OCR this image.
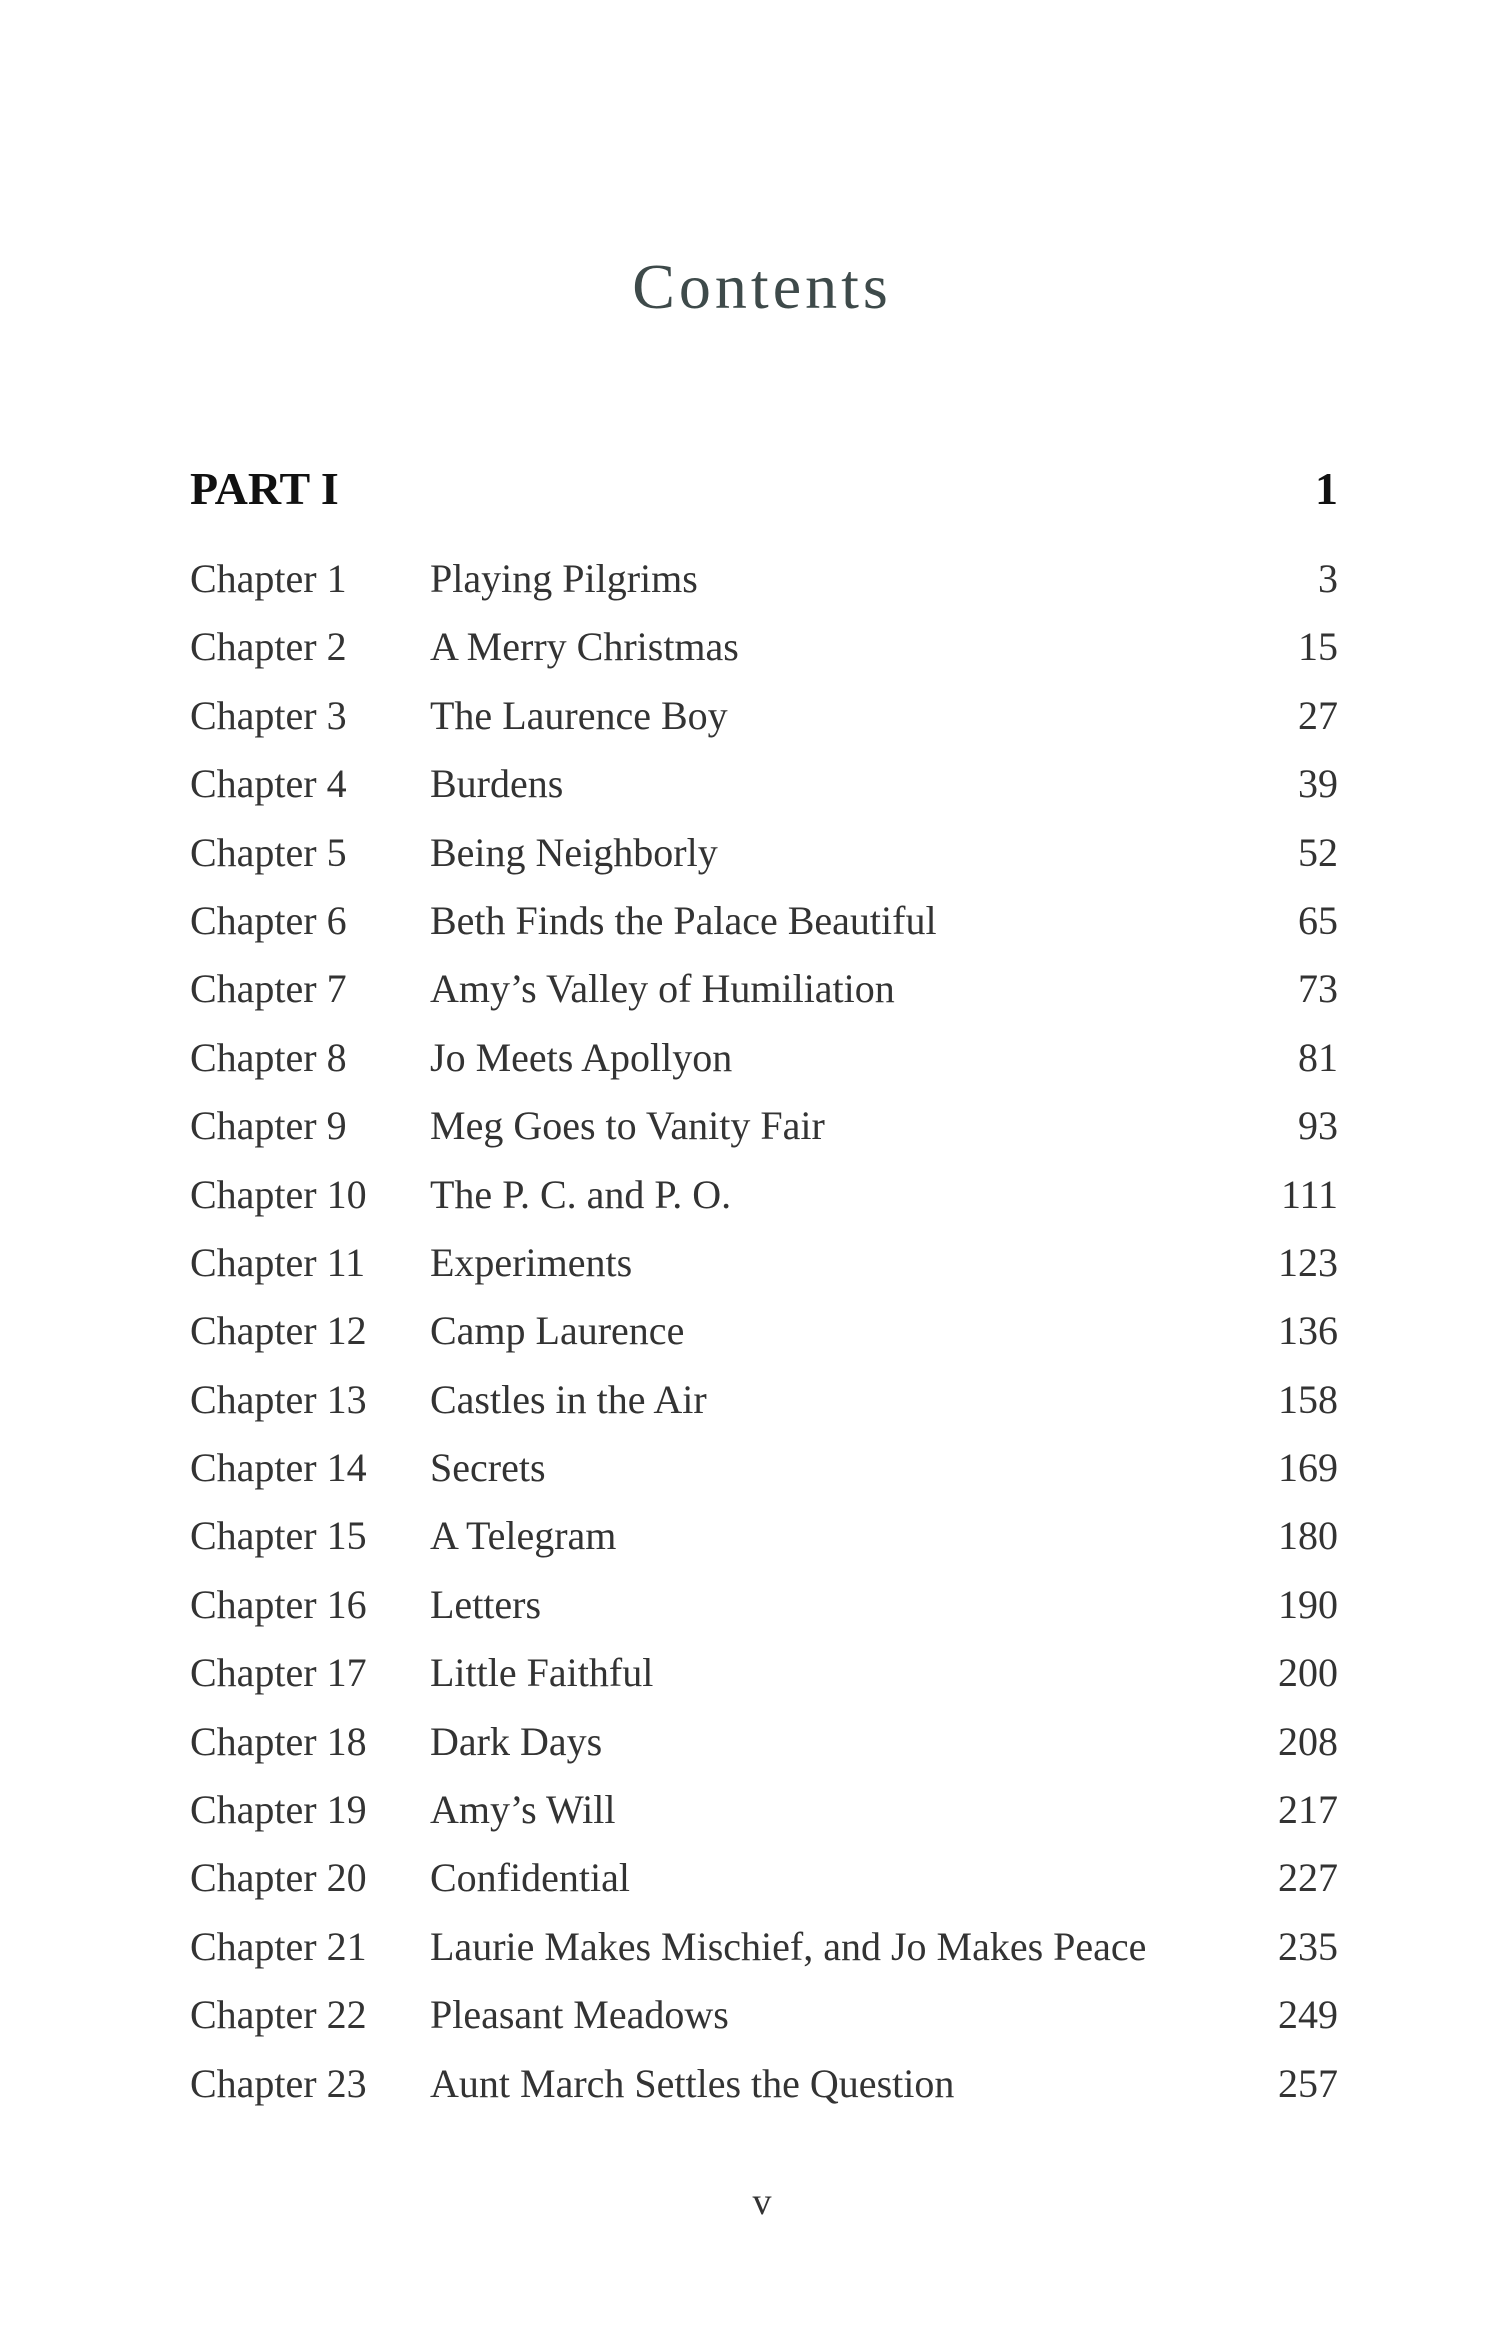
Contents
PART I	1
Chapter 1 Playing Pilgrims	3
Chapter 2 A Merry Christmas	15
Chapter 3 The Laurence Boy	27
Chapter 4 Burdens	39
Chapter 5 Being Neighborly	52
Chapter 6 Beth Finds the Palace Beautiful	65
Chapter 7 Amy’s Valley of Humiliation	73
Chapter 8 Jo Meets Apollyon	81
Chapter 9 Meg Goes to Vanity Fair	93
Chapter 10 The P. C. and P. O.	111
Chapter 11 Experiments	123
Chapter 12 Camp Laurence	136
Chapter 13 Castles in the Air	158
Chapter 14 Secrets	169
Chapter 15 A Telegram	180
Chapter 16 Letters	190
Chapter 17 Little Faithful	200
Chapter 18 Dark Days	208
Chapter 19 Amy’s Will	217
Chapter 20 Confidential	227
Chapter 21 Laurie Makes Mischief, and Jo Makes Peace	235
Chapter 22 Pleasant Meadows	249
Chapter 23 Aunt March Settles the Question	257
v
